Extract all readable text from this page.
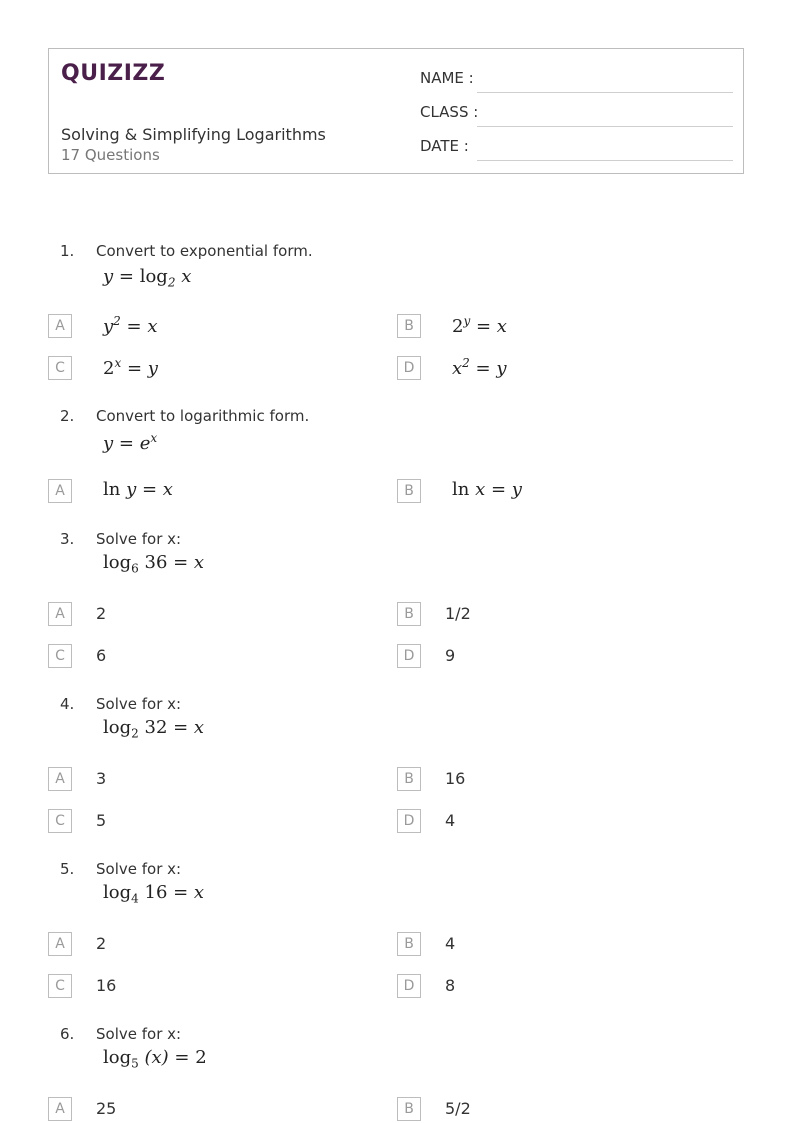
QUIZIZZ
Solving & Simplifying Logarithms
17 Questions
NAME :
CLASS :
DATE :
1. Convert to exponential form.
$y = \log_2 x$
A	$y^2 = x$	B	$2^y = x$
C	$2^x = y$	D	$x^2 = y$
2. Convert to logarithmic form.
$y = e^x$
A	ln y = x	B	ln x = y
3. Solve for x:
$\log_6 36 = x$
A	2	B	1/2
C	6	D	9
4. Solve for x:
$\log_2 32 = x$
A	3	B	16
C	5	D	4
5. Solve for x:
$\log_4 16 = x$
A	2	B	4
C	16	D	8
6. Solve for x:
$\log_5 (x) = 2$
A	25	B	5/2
